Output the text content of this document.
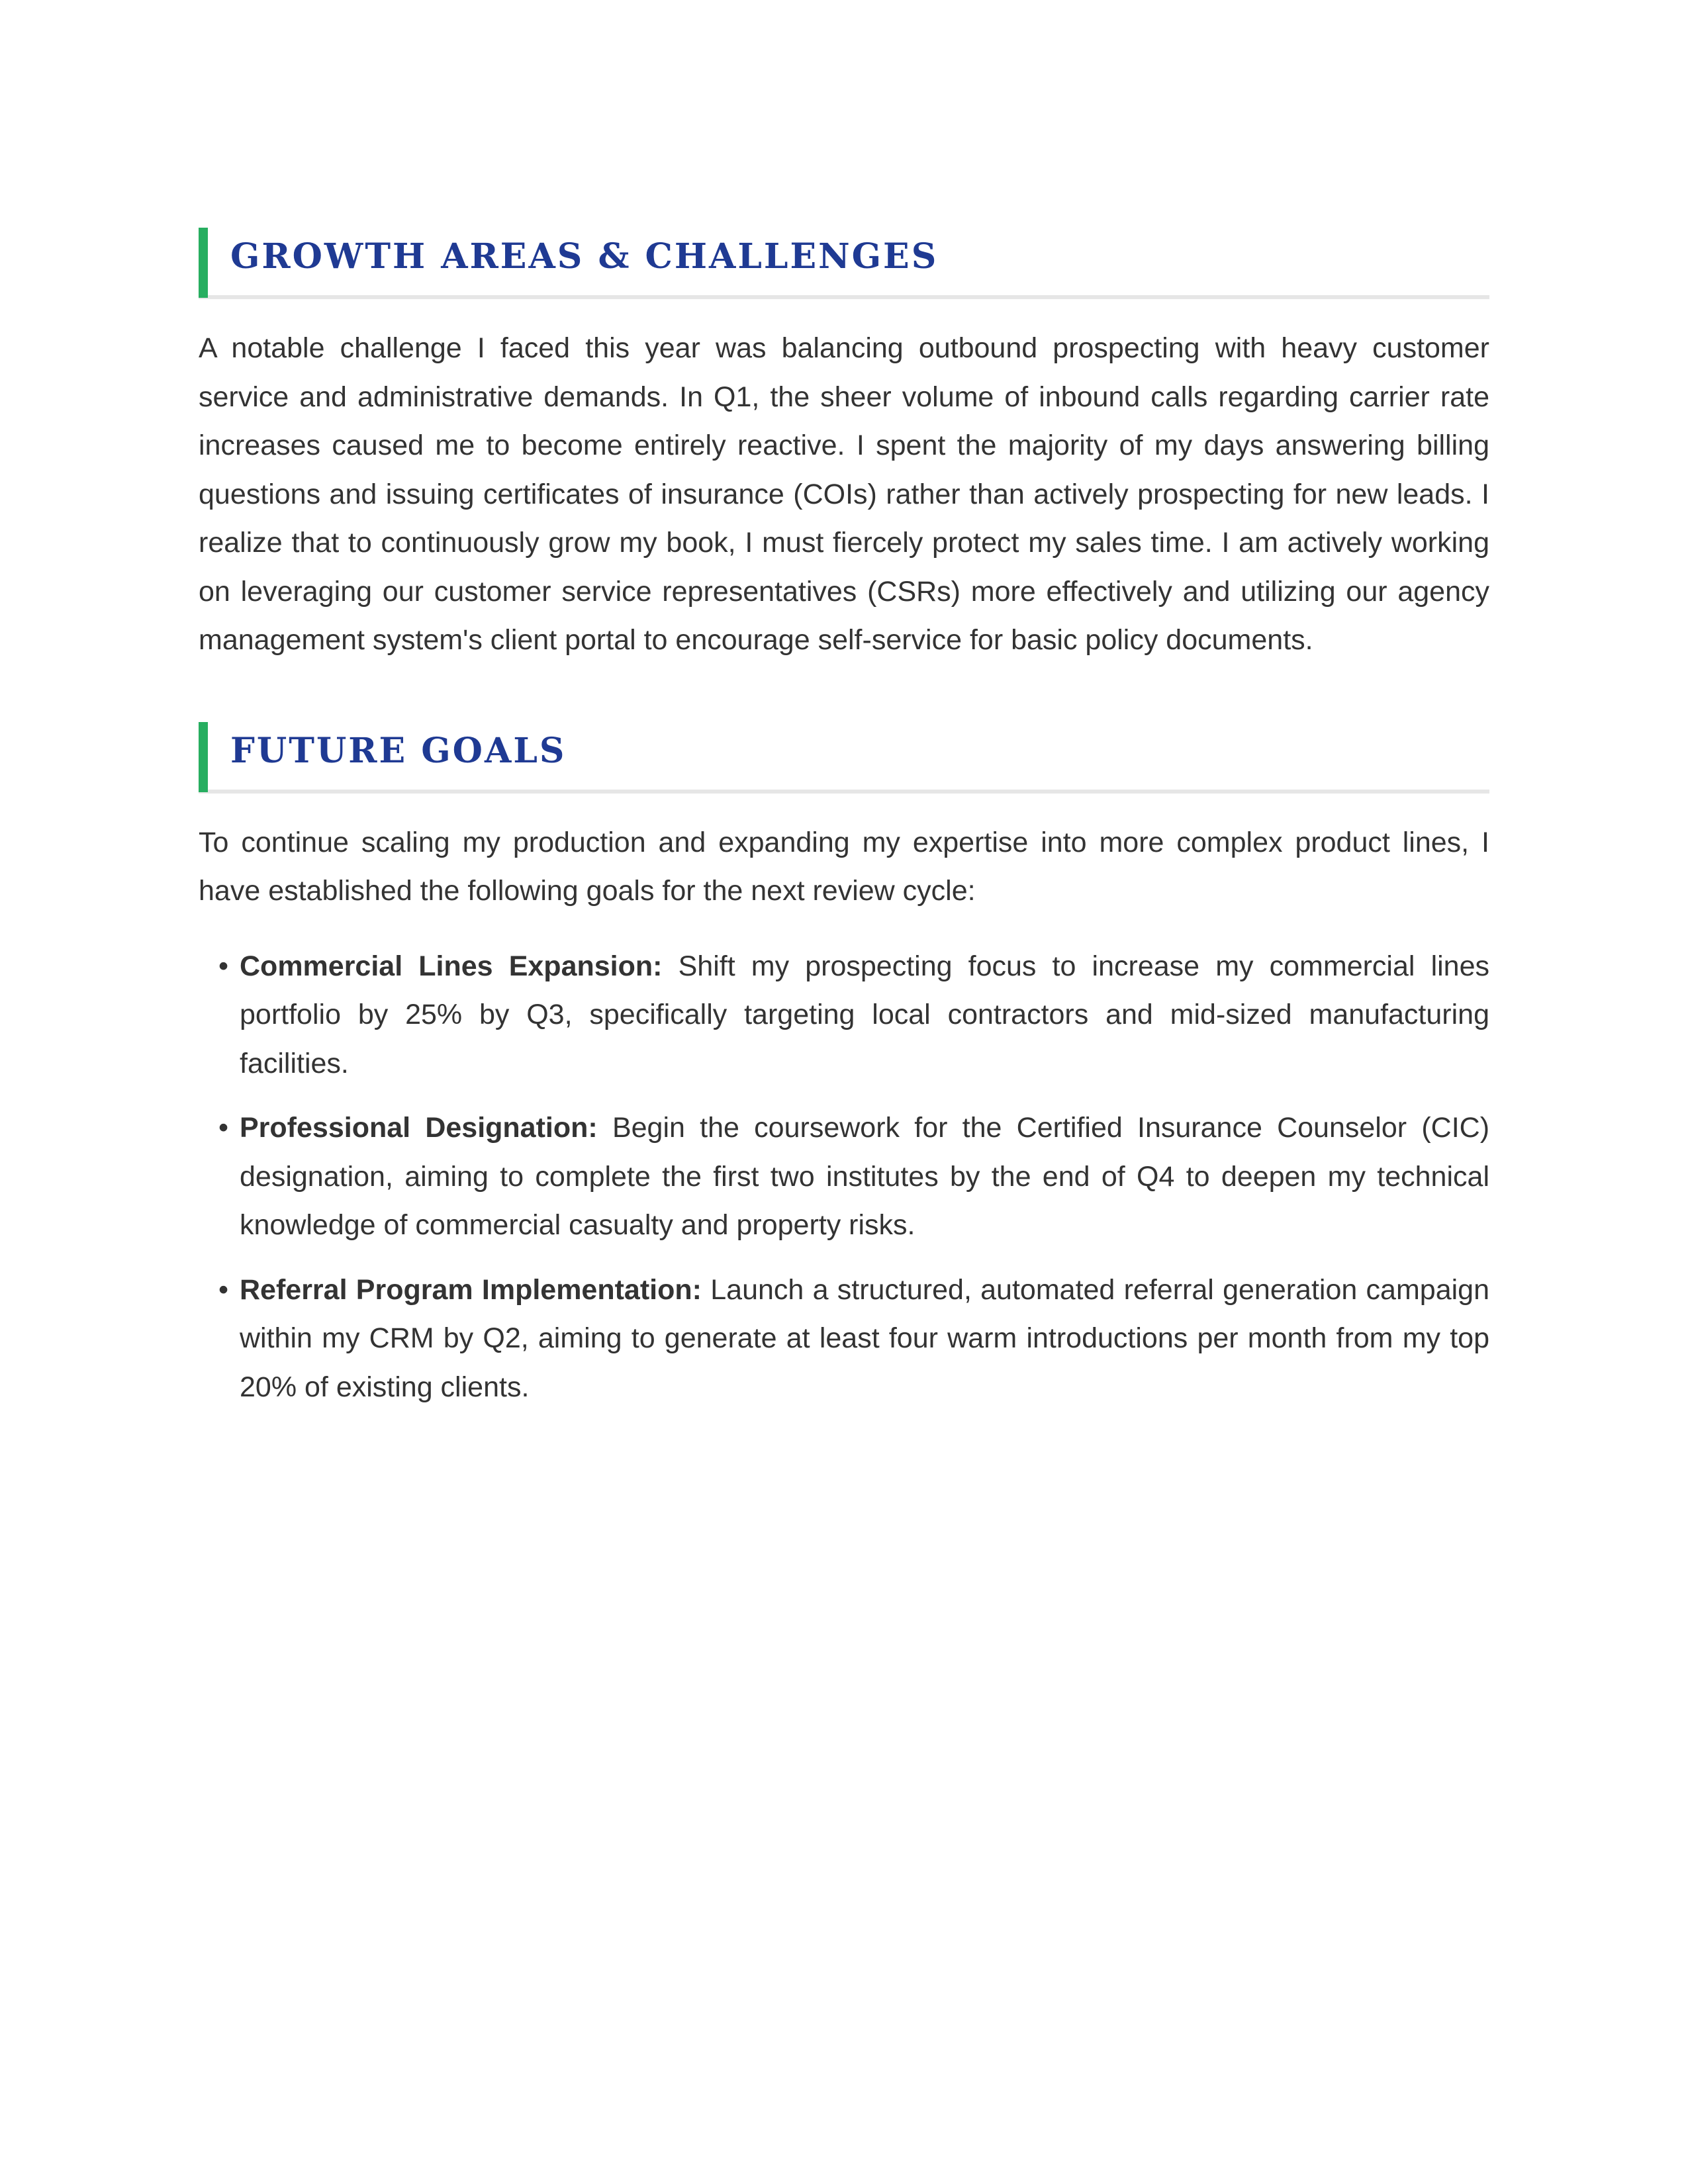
GROWTH AREAS & CHALLENGES

A notable challenge I faced this year was balancing outbound prospecting with heavy customer service and administrative demands. In Q1, the sheer volume of inbound calls regarding carrier rate increases caused me to become entirely reactive. I spent the majority of my days answering billing questions and issuing certificates of insurance (COIs) rather than actively prospecting for new leads. I realize that to continuously grow my book, I must fiercely protect my sales time. I am actively working on leveraging our customer service representatives (CSRs) more effectively and utilizing our agency management system's client portal to encourage self-service for basic policy documents.

FUTURE GOALS

To continue scaling my production and expanding my expertise into more complex product lines, I have established the following goals for the next review cycle:

• Commercial Lines Expansion: Shift my prospecting focus to increase my commercial lines portfolio by 25% by Q3, specifically targeting local contractors and mid-sized manufacturing facilities.
• Professional Designation: Begin the coursework for the Certified Insurance Counselor (CIC) designation, aiming to complete the first two institutes by the end of Q4 to deepen my technical knowledge of commercial casualty and property risks.
• Referral Program Implementation: Launch a structured, automated referral generation campaign within my CRM by Q2, aiming to generate at least four warm introductions per month from my top 20% of existing clients.
